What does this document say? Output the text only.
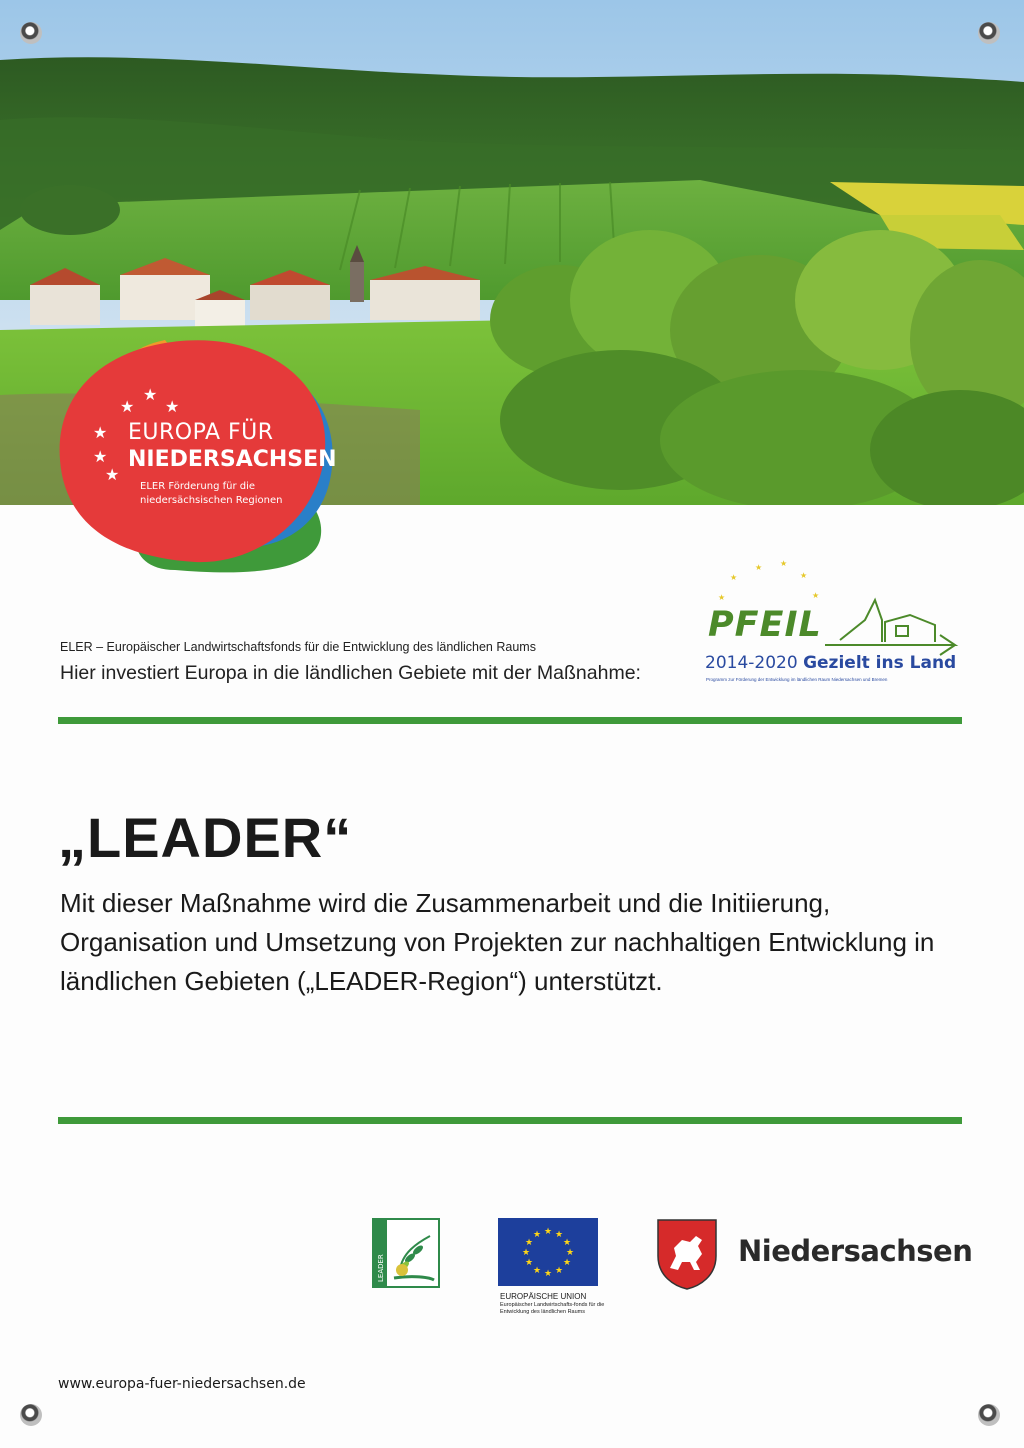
★
★
★
★
★
★
EUROPA FÜR
NIEDERSACHSEN
ELER Förderung für die
niedersächsischen Regionen
ELER – Europäischer Landwirtschaftsfonds für die Entwicklung des ländlichen Raums
Hier investiert Europa in die ländlichen Gebiete mit der Maßnahme:
★
★ ★
★
★
★
PFEIL
2014-2020 Gezielt ins Land
Programm zur Förderung der Entwicklung im ländlichen Raum Niedersachsen und Bremen
„LEADER“
Mit dieser Maßnahme wird die Zusammenarbeit und die Initiierung, Organisation und Umsetzung von Projekten zur nachhaltigen Entwicklung in ländlichen Gebieten („LEADER-Region“) unterstützt.
LEADER
★ ★
★
★
★
★
★
★
★
★
★
★
EUROPÄISCHE UNION
Europäischer Landwirtschafts-fonds für die Entwicklung des ländlichen Raums
Niedersachsen
www.europa-fuer-niedersachsen.de
